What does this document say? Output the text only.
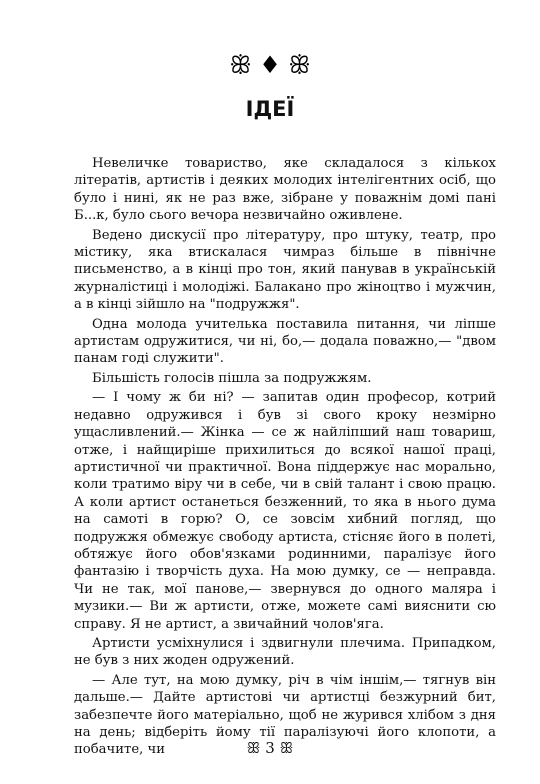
ꕥ ♦ ꕥ
ІДЕЇ

Невеличке товариство, яке складалося з кількох літератів, артистів і деяких молодих інтелігентних осіб, що було і нині, як не раз вже, зібране у поважнім домі пані Б...к, було сього вечора незвичайно оживлене.

Ведено дискусії про літературу, про штуку, театр, про містику, яка втискалася чимраз більше в північне письменство, а в кінці про тон, який панував в українській журналістиці і молодіжі. Балакано про жіноцтво і мужчин, а в кінці зійшло на "подружжя".

Одна молода учителька поставила питання, чи ліпше артистам одружитися, чи ні, бо,— додала поважно,— "двом панам годі служити".

Більшість голосів пішла за подружжям.

— І чому ж би ні? — запитав один професор, котрий недавно одружився і був зі свого кроку незмірно ущасливлений.— Жінка — се ж найліпший наш товариш, отже, і найщиріше прихилиться до всякої нашої праці, артистичної чи практичної. Вона піддержує нас морально, коли тратимо віру чи в себе, чи в свій талант і свою працю. А коли артист останеться безженний, то яка в нього дума на самоті в горю? О, се зовсім хибний погляд, що подружжя обмежує свободу артиста, стісняє його в полеті, обтяжує його обов'язками родинними, паралізує його фантазію і творчість духа. На мою думку, се — неправда. Чи не так, мої панове,— звернувся до одного маляра і музики.— Ви ж артисти, отже, можете самі вияснити сю справу. Я не артист, а звичайний чолов'яга.

Артисти усміхнулися і здвигнули плечима. Припадком, не був з них жоден одружений.

— Але тут, на мою думку, річ в чім іншім,— тягнув він дальше.— Дайте артистові чи артистці безжурний бит, забезпечте його матеріально, щоб не журився хлібом з дня на день; відберіть йому тії паралізуючі його клопоти, а побачите, чи	ꕥ 3 ꕥ
